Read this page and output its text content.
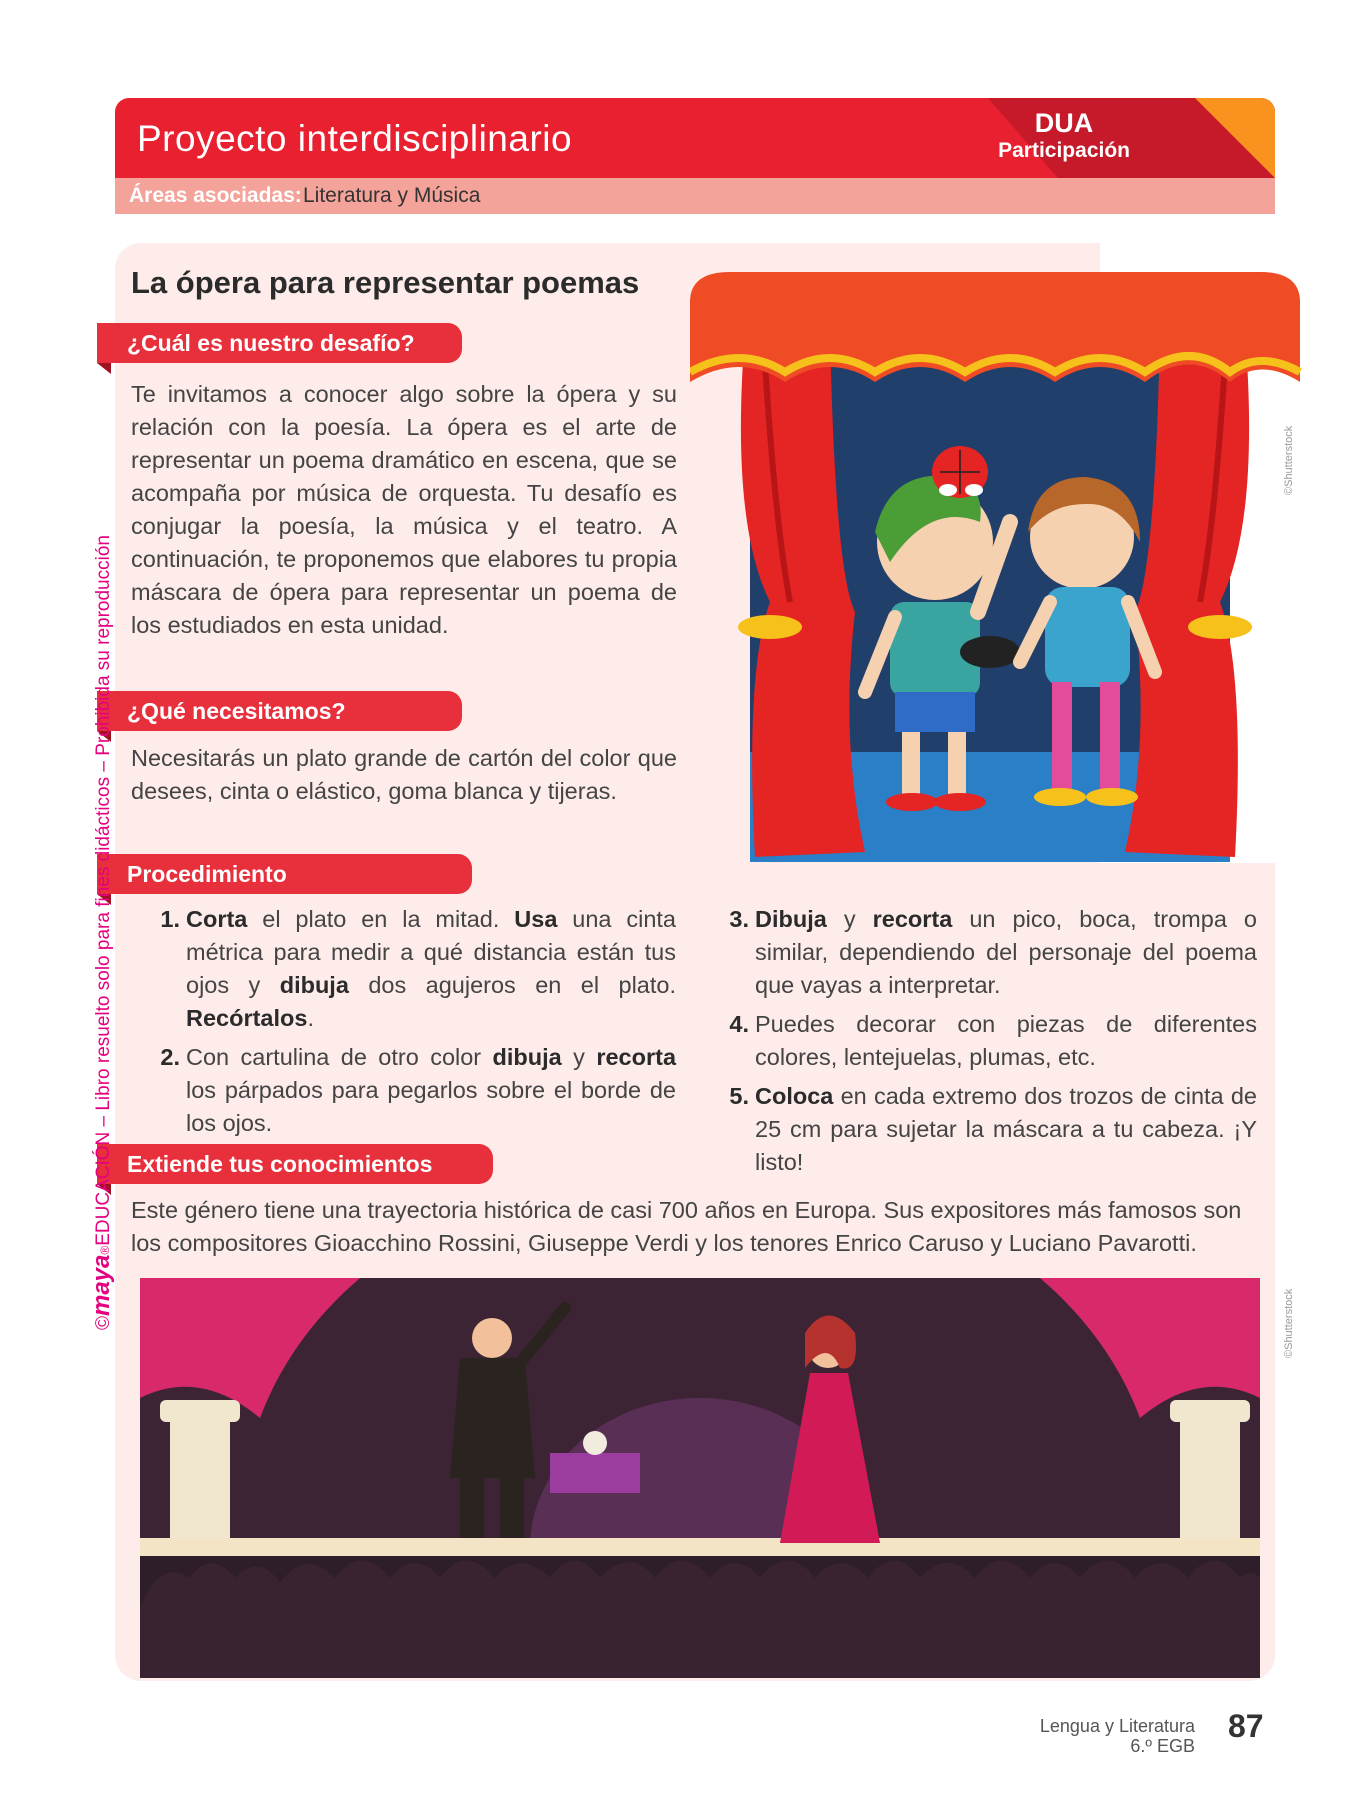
Proyecto interdisciplinario	DUA
Participación
Áreas asociadas: Literatura y Música
La ópera para representar poemas
¿Cuál es nuestro desafío?
Te invitamos a conocer algo sobre la ópera y su relación con la poesía. La ópera es el arte de representar un poema dramático en escena, que se acompaña por música de orquesta. Tu desafío es conjugar la poesía, la música y el teatro. A continuación, te proponemos que elabores tu propia máscara de ópera para representar un poema de los estudiados en esta unidad.
¿Qué necesitamos?
Necesitarás un plato grande de cartón del color que desees, cinta o elástico, goma blanca y tijeras.
Procedimiento
1. Corta el plato en la mitad. Usa una cinta métrica para medir a qué distancia están tus ojos y dibuja dos agujeros en el plato. Recórtalos.
2. Con cartulina de otro color dibuja y recorta los párpados para pegarlos sobre el borde de los ojos.
3. Dibuja y recorta un pico, boca, trompa o similar, dependiendo del personaje del poema que vayas a interpretar.
4. Puedes decorar con piezas de diferentes colores, lentejuelas, plumas, etc.
5. Coloca en cada extremo dos trozos de cinta de 25 cm para sujetar la máscara a tu cabeza. ¡Y listo!
Extiende tus conocimientos
Este género tiene una trayectoria histórica de casi 700 años en Europa. Sus expositores más famosos son los compositores Gioacchino Rossini, Giuseppe Verdi y los tenores Enrico Caruso y Luciano Pavarotti.
©maya®EDUCACIÓN – Libro resuelto solo para fines didácticos – Prohibida su reproducción
©Shutterstock
©Shutterstock
Lengua y Literatura
6.º EGB
87
